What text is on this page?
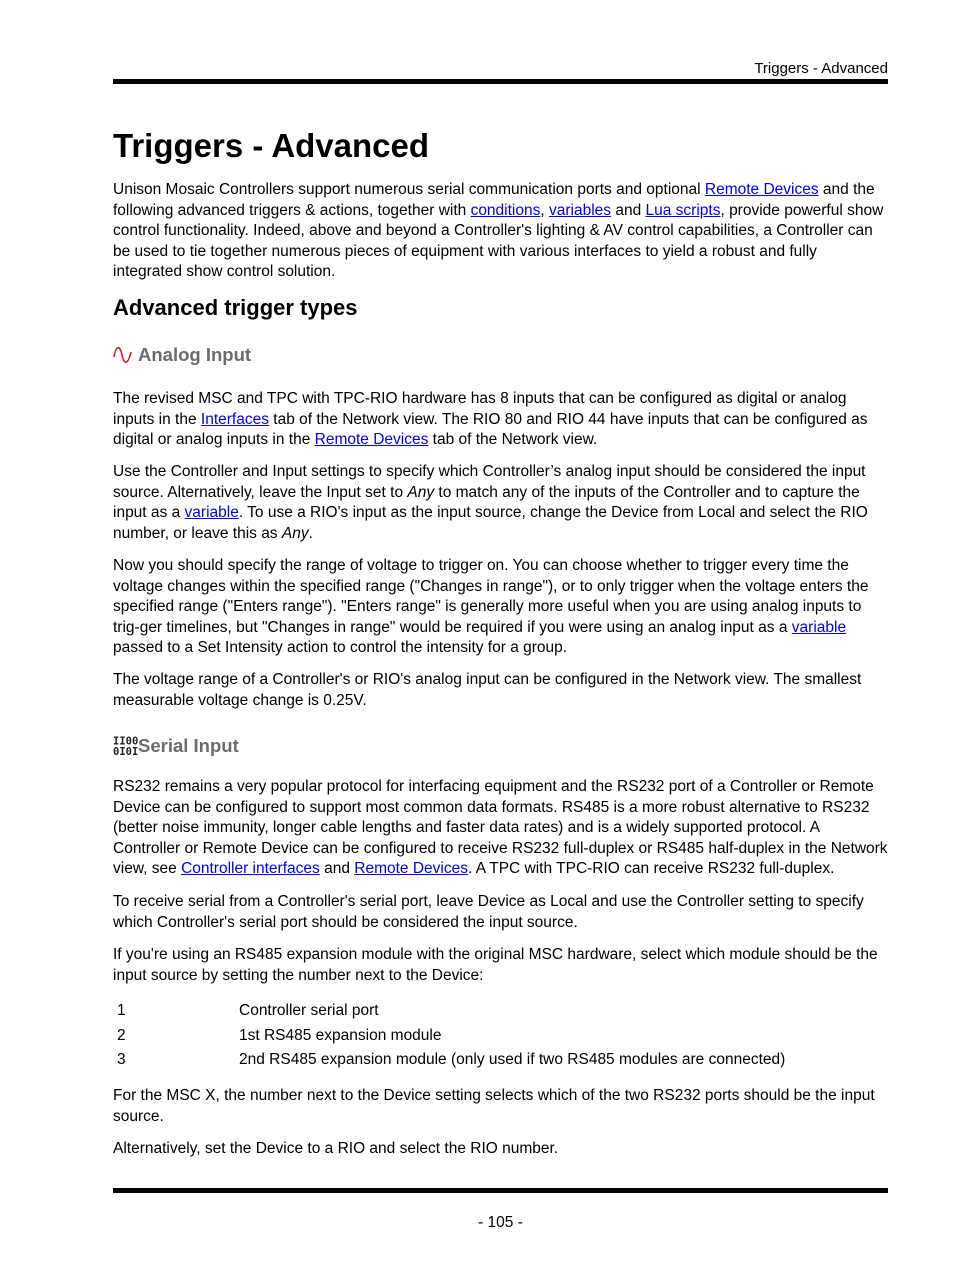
Triggers - Advanced
Triggers - Advanced

Unison Mosaic Controllers support numerous serial communication ports and optional Remote Devices and the following advanced triggers & actions, together with conditions, variables and Lua scripts, provide powerful show control functionality. Indeed, above and beyond a Controller's lighting & AV control capabilities, a Controller can be used to tie together numerous pieces of equipment with various interfaces to yield a robust and fully integrated show control solution.

Advanced trigger types
Analog Input

The revised MSC and TPC with TPC-RIO hardware has 8 inputs that can be configured as digital or analog inputs in the Interfaces tab of the Network view. The RIO 80 and RIO 44 have inputs that can be configured as digital or analog inputs in the Remote Devices tab of the Network view.

Use the Controller and Input settings to specify which Controller’s analog input should be considered the input source. Alternatively, leave the Input set to Any to match any of the inputs of the Controller and to capture the input as a variable. To use a RIO's input as the input source, change the Device from Local and select the RIO number, or leave this as Any.

Now you should specify the range of voltage to trigger on. You can choose whether to trigger every time the voltage changes within the specified range ("Changes in range"), or to only trigger when the voltage enters the specified range ("Enters range"). "Enters range" is generally more useful when you are using analog inputs to trig-ger timelines, but "Changes in range" would be required if you were using an analog input as a variable passed to a Set Intensity action to control the intensity for a group.

The voltage range of a Controller's or RIO's analog input can be configured in the Network view. The smallest measurable voltage change is 0.25V.

II00
0I0I Serial Input

RS232 remains a very popular protocol for interfacing equipment and the RS232 port of a Controller or Remote Device can be configured to support most common data formats. RS485 is a more robust alternative to RS232 (better noise immunity, longer cable lengths and faster data rates) and is a widely supported protocol. A Controller or Remote Device can be configured to receive RS232 full-duplex or RS485 half-duplex in the Network view, see Controller interfaces and Remote Devices. A TPC with TPC-RIO can receive RS232 full-duplex.

To receive serial from a Controller's serial port, leave Device as Local and use the Controller setting to specify which Controller's serial port should be considered the input source.

If you're using an RS485 expansion module with the original MSC hardware, select which module should be the input source by setting the number next to the Device:

1	Controller serial port
2	1st RS485 expansion module
3	2nd RS485 expansion module (only used if two RS485 modules are connected)

For the MSC X, the number next to the Device setting selects which of the two RS232 ports should be the input source.

Alternatively, set the Device to a RIO and select the RIO number.

- 105 -
